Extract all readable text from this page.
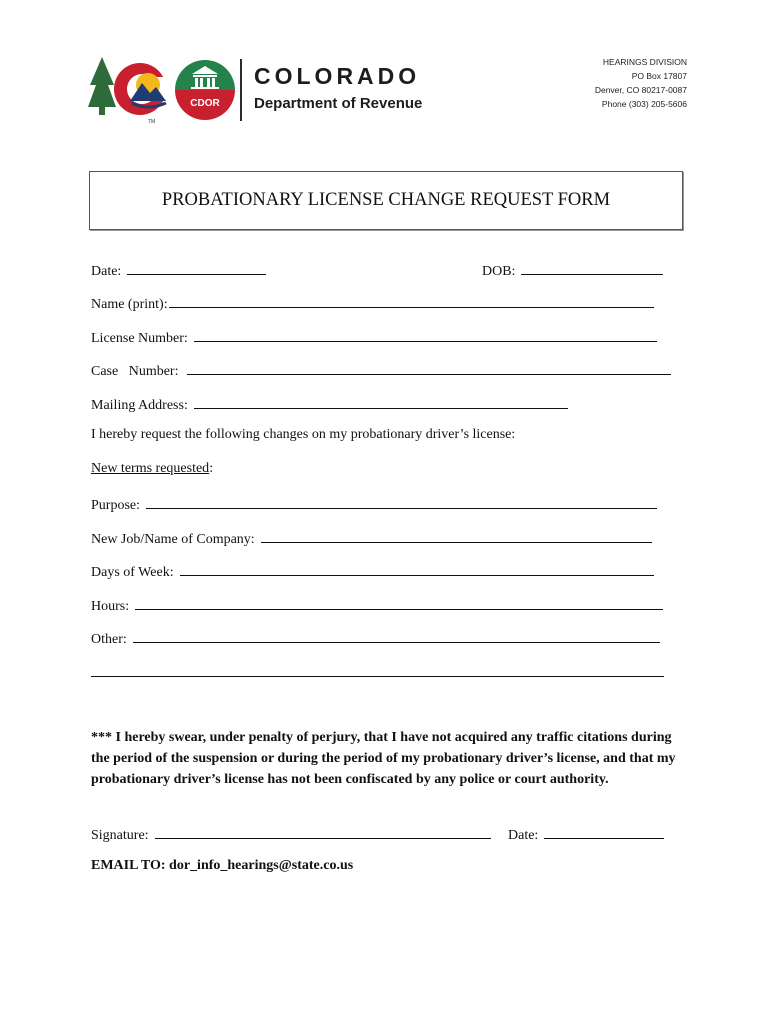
TM
CDOR
COLORADO
Department of Revenue
HEARINGS DIVISION
PO Box 17807
Denver, CO 80217-0087
Phone (303) 205-5606
PROBATIONARY LICENSE CHANGE REQUEST FORM
Date:	DOB:
Name (print):
License Number:
Case   Number:
Mailing Address:
I hereby request the following changes on my probationary driver’s license:
New terms requested :
Purpose:
New Job/Name of Company:
Days of Week:
Hours:
Other:
*** I hereby swear, under penalty of perjury, that I have not acquired any traffic citations during the period of the suspension or during the period of my probationary driver’s license, and that my probationary driver’s license has not been confiscated by any police or court authority.
Signature:	Date:
EMAIL TO: dor_info_hearings@state.co.us
